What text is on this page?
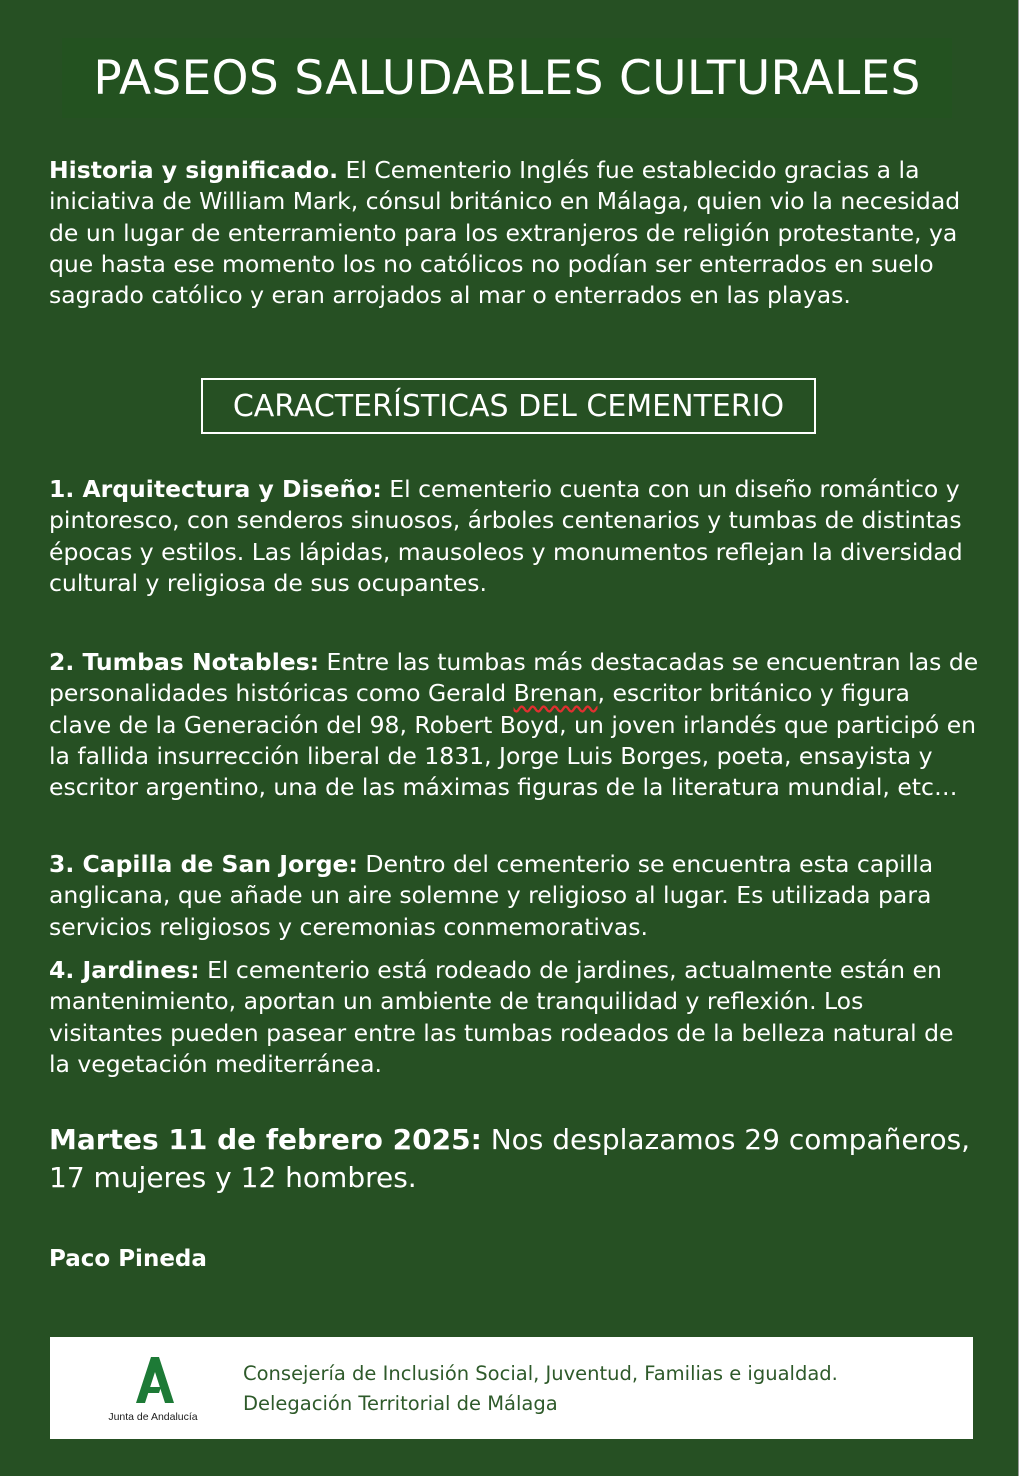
PASEOS SALUDABLES CULTURALES

Historia y significado. El Cementerio Inglés fue establecido gracias a la iniciativa de William Mark, cónsul británico en Málaga, quien vio la necesidad de un lugar de enterramiento para los extranjeros de religión protestante, ya que hasta ese momento los no católicos no podían ser enterrados en suelo sagrado católico y eran arrojados al mar o enterrados en las playas.

CARACTERÍSTICAS DEL CEMENTERIO

1. Arquitectura y Diseño: El cementerio cuenta con un diseño romántico y pintoresco, con senderos sinuosos, árboles centenarios y tumbas de distintas épocas y estilos. Las lápidas, mausoleos y monumentos reflejan la diversidad cultural y religiosa de sus ocupantes.

2. Tumbas Notables: Entre las tumbas más destacadas se encuentran las de personalidades históricas como Gerald Brenan, escritor británico y figura clave de la Generación del 98, Robert Boyd, un joven irlandés que participó en la fallida insurrección liberal de 1831, Jorge Luis Borges, poeta, ensayista y escritor argentino, una de las máximas figuras de la literatura mundial, etc…

3. Capilla de San Jorge: Dentro del cementerio se encuentra esta capilla anglicana, que añade un aire solemne y religioso al lugar. Es utilizada para servicios religiosos y ceremonias conmemorativas.

4. Jardines: El cementerio está rodeado de jardines, actualmente están en mantenimiento, aportan un ambiente de tranquilidad y reflexión. Los visitantes pueden pasear entre las tumbas rodeados de la belleza natural de la vegetación mediterránea.

Martes 11 de febrero 2025: Nos desplazamos 29 compañeros, 17 mujeres y 12 hombres.

Paco Pineda

Junta de Andalucía

Consejería de Inclusión Social, Juventud, Familias e igualdad.

Delegación Territorial de Málaga
